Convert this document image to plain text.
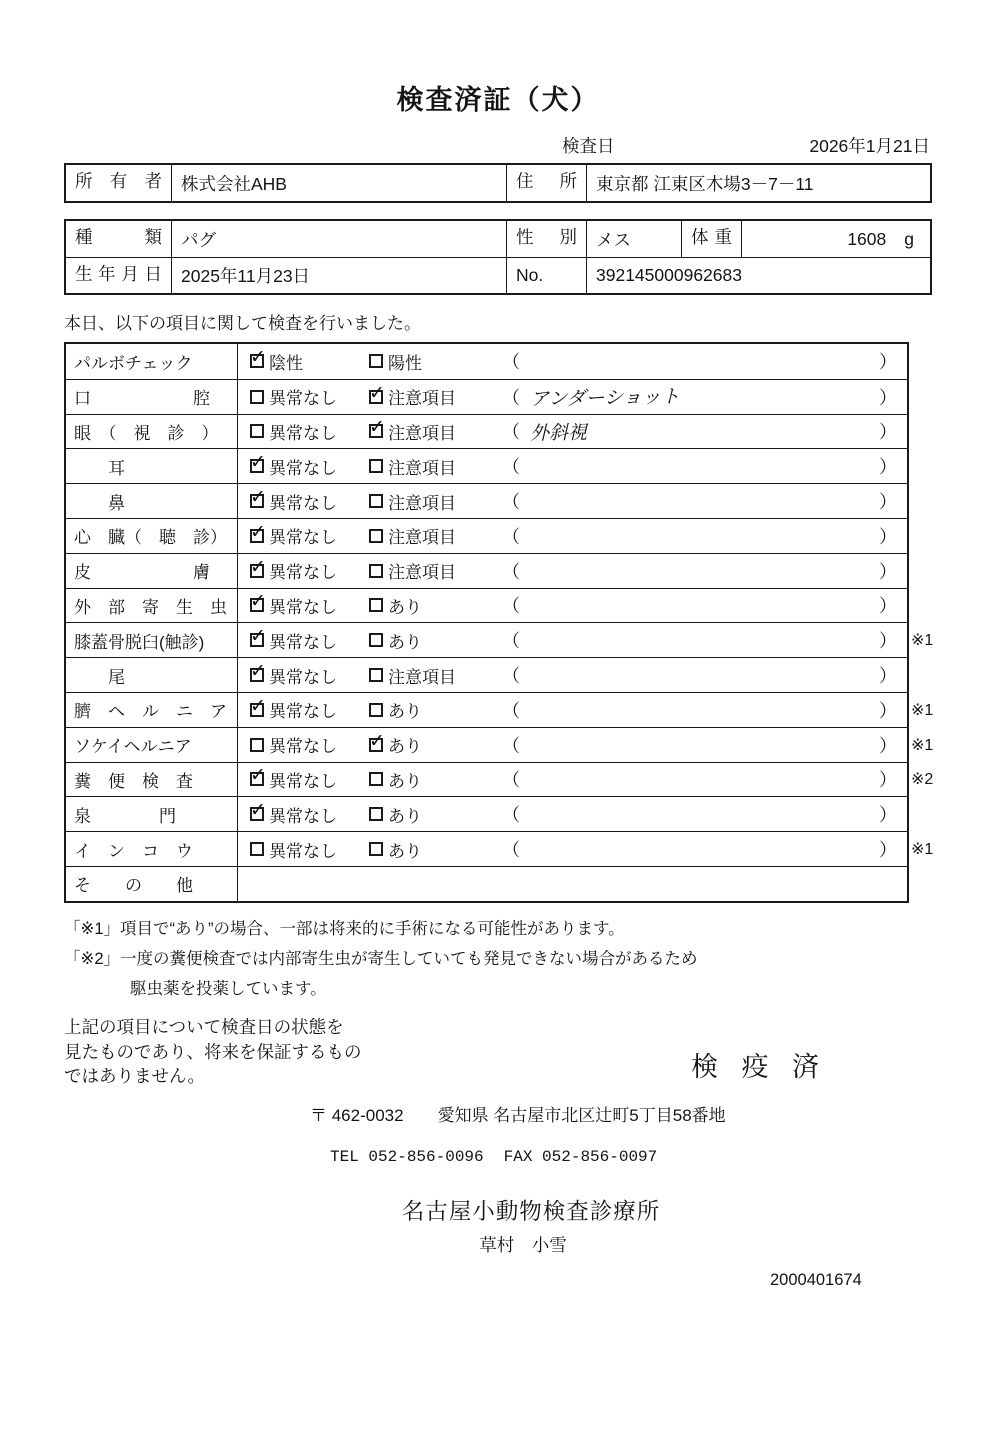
検査済証（犬）
検査日	2026年1月21日
所有者	株式会社AHB	住所	東京都 江東区木場3－7－11
種類	パグ	性別	メス	体重	1608 g
生年月日	2025年11月23日	No.	392145000962683
本日、以下の項目に関して検査を行いました。
パルボチェック ✓	陰性	陽性	（	）
口　　　　　　腔	異常なし ✓	注意項目	（ アンダーショット	）
眼　（　視　診　）	異常なし ✓	注意項目	（ 外斜視	）
　　耳 ✓	異常なし	注意項目	（	）
　　鼻 ✓	異常なし	注意項目	（	）
心　臓（　聴　診） ✓	異常なし	注意項目	（	）
皮　　　　　　膚 ✓	異常なし	注意項目	（	）
外　部　寄　生　虫 ✓	異常なし	あり	（	）
膝蓋骨脱臼(触診) ✓	異常なし	あり	（	） ※1
　　尾 ✓	異常なし	注意項目	（	）
臍　ヘ　ル　ニ　ア ✓	異常なし	あり	（	） ※1
ソケイヘルニア	異常なし ✓	あり	（	） ※1
糞　便　検　査 ✓	異常なし	あり	（	） ※2
泉　　　　門 ✓	異常なし	あり	（	）
イ　ン　コ　ウ	異常なし	あり	（	） ※1
そ　　の　　他
「※1」項目で“あり”の場合、一部は将来的に手術になる可能性があります。
「※2」一度の糞便検査では内部寄生虫が寄生していても発見できない場合があるため
駆虫薬を投薬しています。
上記の項目について検査日の状態を
見たものであり、将来を保証するもの
ではありません。	検 疫 済
〒 462-0032 愛知県 名古屋市北区辻町5丁目58番地
TEL 052-856-0096 FAX 052-856-0097
名古屋小動物検査診療所
草村　小雪
2000401674
